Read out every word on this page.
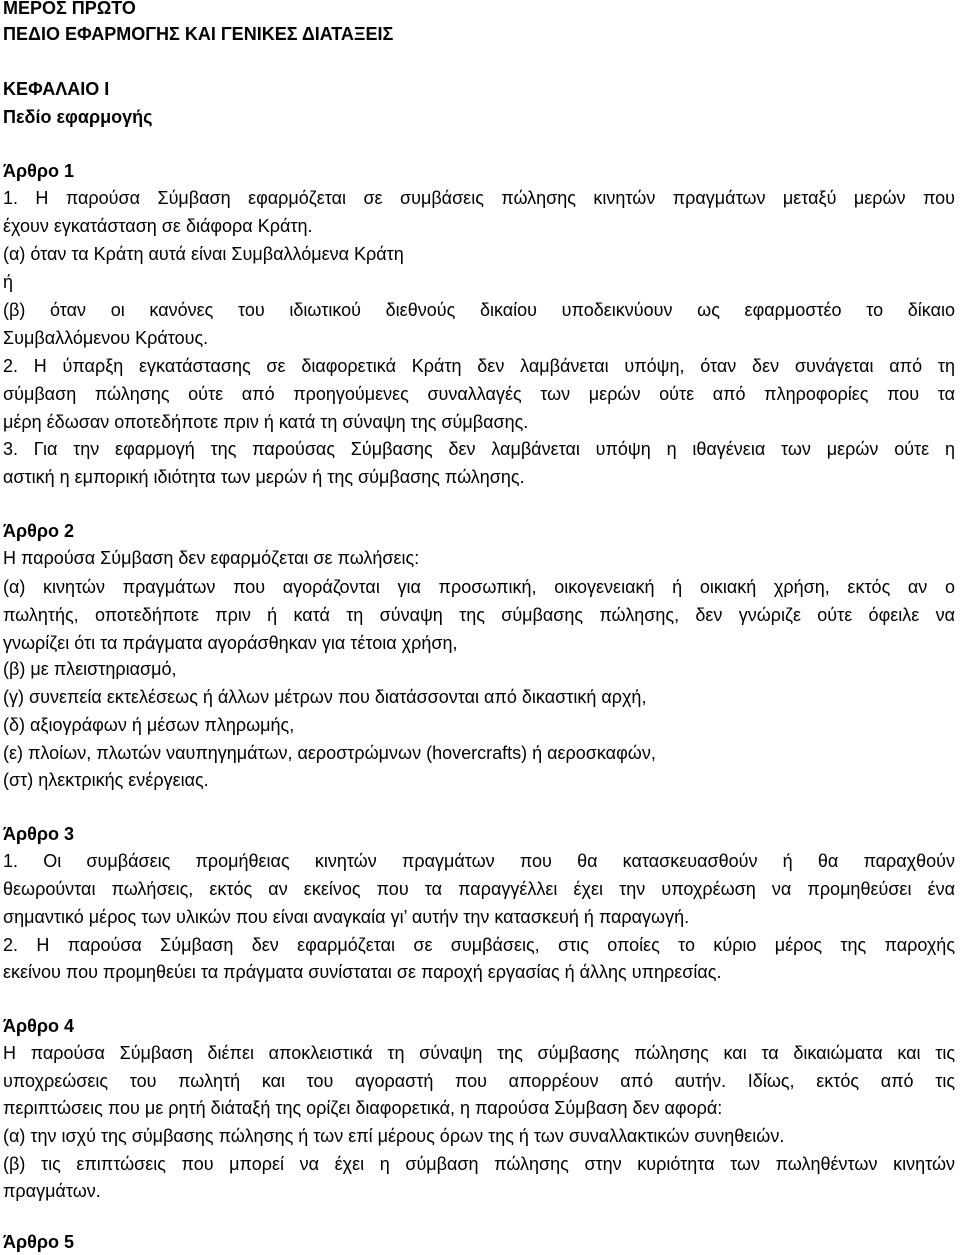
ΜΕΡΟΣ ΠΡΩΤΟ
ΠΕΔΙΟ ΕΦΑΡΜΟΓΗΣ ΚΑΙ ΓΕΝΙΚΕΣ ΔΙΑΤΑΞΕΙΣ
ΚΕΦΑΛΑΙΟ Ι
Πεδίο εφαρμογής
Άρθρο 1
1. Η παρούσα Σύμβαση εφαρμόζεται σε συμβάσεις πώλησης κινητών πραγμάτων μεταξύ μερών που
έχουν εγκατάσταση σε διάφορα Κράτη.
(α) όταν τα Κράτη αυτά είναι Συμβαλλόμενα Κράτη
ή
(β) όταν οι κανόνες του ιδιωτικού διεθνούς δικαίου υποδεικνύουν ως εφαρμοστέο το δίκαιο
Συμβαλλόμενου Κράτους.
2. Η ύπαρξη εγκατάστασης σε διαφορετικά Κράτη δεν λαμβάνεται υπόψη, όταν δεν συνάγεται από τη
σύμβαση πώλησης ούτε από προηγούμενες συναλλαγές των μερών ούτε από πληροφορίες που τα
μέρη έδωσαν οποτεδήποτε πριν ή κατά τη σύναψη της σύμβασης.
3. Για την εφαρμογή της παρούσας Σύμβασης δεν λαμβάνεται υπόψη η ιθαγένεια των μερών ούτε η
αστική η εμπορική ιδιότητα των μερών ή της σύμβασης πώλησης.
Άρθρο 2
Η παρούσα Σύμβαση δεν εφαρμόζεται σε πωλήσεις:
(α) κινητών πραγμάτων που αγοράζονται για προσωπική, οικογενειακή ή οικιακή χρήση, εκτός αν ο
πωλητής, οποτεδήποτε πριν ή κατά τη σύναψη της σύμβασης πώλησης, δεν γνώριζε ούτε όφειλε να
γνωρίζει ότι τα πράγματα αγοράσθηκαν για τέτοια χρήση,
(β) με πλειστηριασμό,
(γ) συνεπεία εκτελέσεως ή άλλων μέτρων που διατάσσονται από δικαστική αρχή,
(δ) αξιογράφων ή μέσων πληρωμής,
(ε) πλοίων, πλωτών ναυπηγημάτων, αεροστρώμνων (hovercrafts) ή αεροσκαφών,
(στ) ηλεκτρικής ενέργειας.
Άρθρο 3
1. Οι συμβάσεις προμήθειας κινητών πραγμάτων που θα κατασκευασθούν ή θα παραχθούν
θεωρούνται πωλήσεις, εκτός αν εκείνος που τα παραγγέλλει έχει την υποχρέωση να προμηθεύσει ένα
σημαντικό μέρος των υλικών που είναι αναγκαία γι’ αυτήν την κατασκευή ή παραγωγή.
2. Η παρούσα Σύμβαση δεν εφαρμόζεται σε συμβάσεις, στις οποίες το κύριο μέρος της παροχής
εκείνου που προμηθεύει τα πράγματα συνίσταται σε παροχή εργασίας ή άλλης υπηρεσίας.
Άρθρο 4
Η παρούσα Σύμβαση διέπει αποκλειστικά τη σύναψη της σύμβασης πώλησης και τα δικαιώματα και τις
υποχρεώσεις του πωλητή και του αγοραστή που απορρέουν από αυτήν. Ιδίως, εκτός από τις
περιπτώσεις που με ρητή διάταξή της ορίζει διαφορετικά, η παρούσα Σύμβαση δεν αφορά:
(α) την ισχύ της σύμβασης πώλησης ή των επί μέρους όρων της ή των συναλλακτικών συνηθειών.
(β) τις επιπτώσεις που μπορεί να έχει η σύμβαση πώλησης στην κυριότητα των πωληθέντων κινητών
πραγμάτων.
Άρθρο 5
